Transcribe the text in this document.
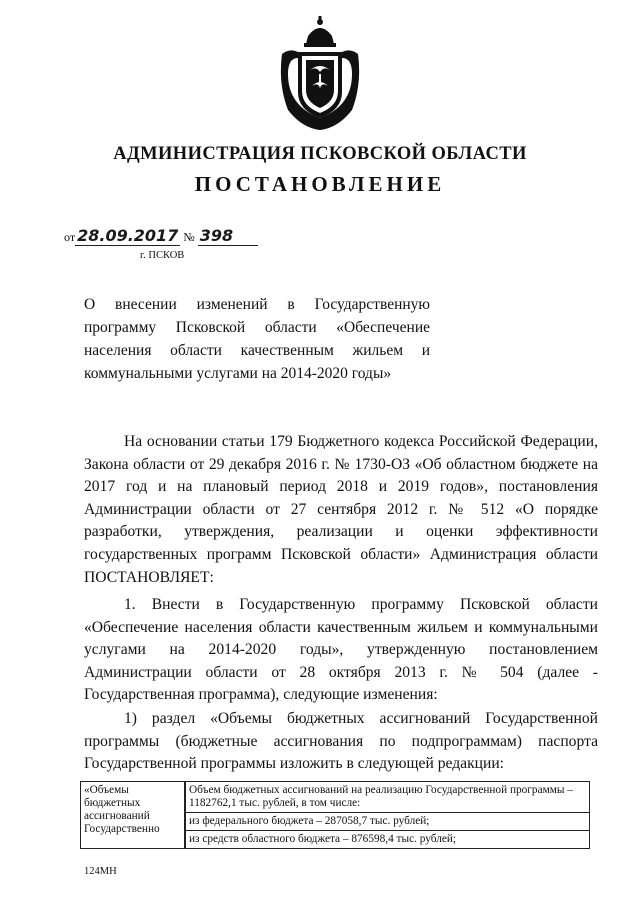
АДМИНИСТРАЦИЯ ПСКОВСКОЙ ОБЛАСТИ
ПОСТАНОВЛЕНИЕ
от 28.09.2017 № 398
г. ПСКОВ
О внесении изменений в Государственную программу Псковской области «Обеспечение населения области качественным жильем и коммунальными услугами на 2014-2020 годы»
На основании статьи 179 Бюджетного кодекса Российской Федерации, Закона области от 29 декабря 2016 г. № 1730-ОЗ «Об областном бюджете на 2017 год и на плановый период 2018 и 2019 годов», постановления Администрации области от 27 сентября 2012 г. № 512 «О порядке разработки, утверждения, реализации и оценки эффективности государственных программ Псковской области» Администрация области ПОСТАНОВЛЯЕТ:
1. Внести в Государственную программу Псковской области «Обеспечение населения области качественным жильем и коммунальными услугами на 2014-2020 годы», утвержденную постановлением Администрации области от 28 октября 2013 г. № 504 (далее - Государственная программа), следующие изменения:
1) раздел «Объемы бюджетных ассигнований Государственной программы (бюджетные ассигнования по подпрограммам) паспорта Государственной программы изложить в следующей редакции:
«Объемы бюджетных ассигнований Государственно	Объем бюджетных ассигнований на реализацию Государственной программы – 1182762,1 тыс. рублей, в том числе:
из федерального бюджета – 287058,7 тыс. рублей;
из средств областного бюджета – 876598,4 тыс. рублей;
124МН
